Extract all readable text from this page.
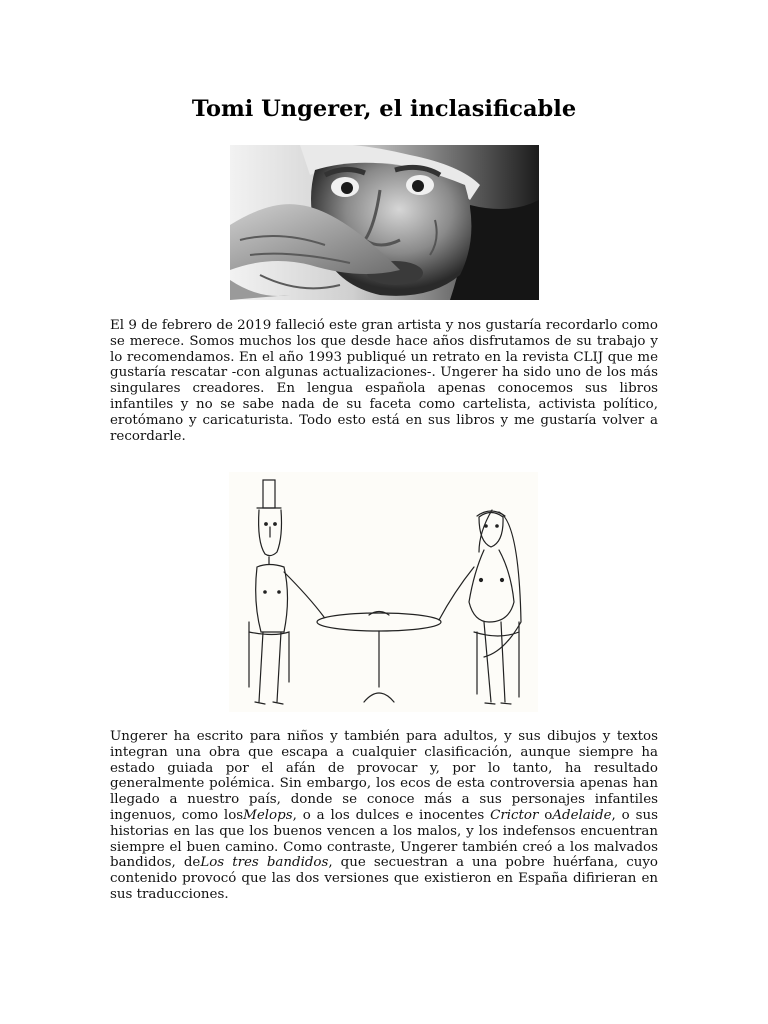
Tomi Ungerer, el inclasificable

El 9 de febrero de 2019 falleció este gran artista y nos gustaría recordarlo como se merece. Somos muchos los que desde hace años disfrutamos de su trabajo y lo recomendamos. En el año 1993 publiqué un retrato en la revista CLIJ que me gustaría rescatar -con algunas actualizaciones-. Ungerer ha sido uno de los más singulares creadores. En lengua española apenas conocemos sus libros infantiles y no se sabe nada de su faceta como cartelista, activista político, erotómano y caricaturista. Todo esto está en sus libros y me gustaría volver a recordarle.

Ungerer ha escrito para niños y también para adultos, y sus dibujos y textos integran una obra que escapa a cualquier clasificación, aunque siempre ha estado guiada por el afán de provocar y, por lo tanto, ha resultado generalmente polémica. Sin embargo, los ecos de esta controversia apenas han llegado a nuestro país, donde se conoce más a sus personajes infantiles ingenuos, como losMelops, o a los dulces e inocentes Crictor oAdelaide, o sus historias en las que los buenos vencen a los malos, y los indefensos encuentran siempre el buen camino. Como contraste, Ungerer también creó a los malvados bandidos, deLos tres bandidos, que secuestran a una pobre huérfana, cuyo contenido provocó que las dos versiones que existieron en España difirieran en sus traducciones.
